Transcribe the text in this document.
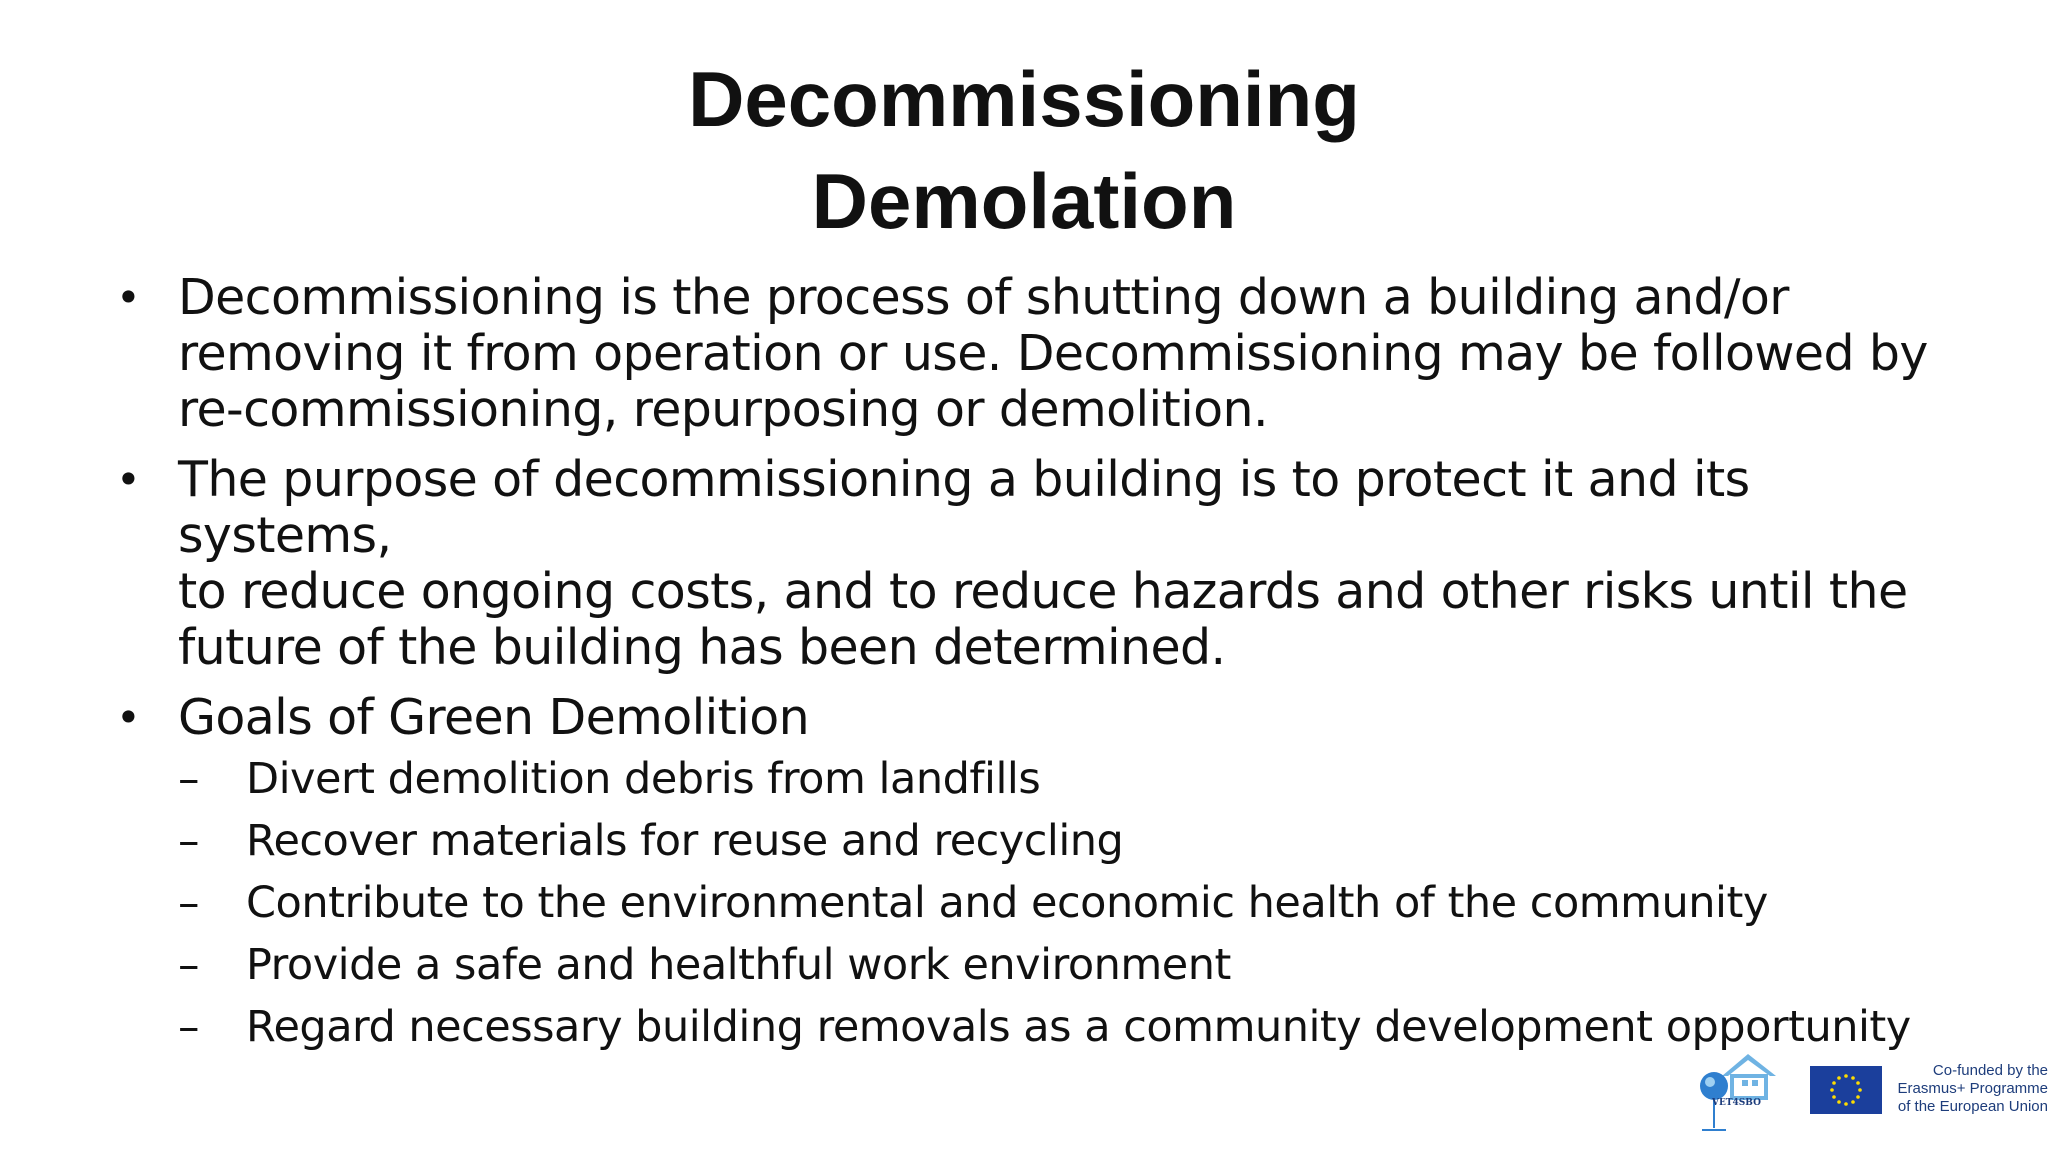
Decommissioning
Demolation
• Decommissioning is the process of shutting down a building and/or
removing it from operation or use. Decommissioning may be followed by
re-commissioning, repurposing or demolition.
• The purpose of decommissioning a building is to protect it and its systems,
to reduce ongoing costs, and to reduce hazards and other risks until the
future of the building has been determined.
• Goals of Green Demolition
– Divert demolition debris from landfills
– Recover materials for reuse and recycling
– Contribute to the environmental and economic health of the community
– Provide a safe and healthful work environment
– Regard necessary building removals as a community development opportunity
VET4SBO
Co-funded by the
Erasmus+ Programme
of the European Union
